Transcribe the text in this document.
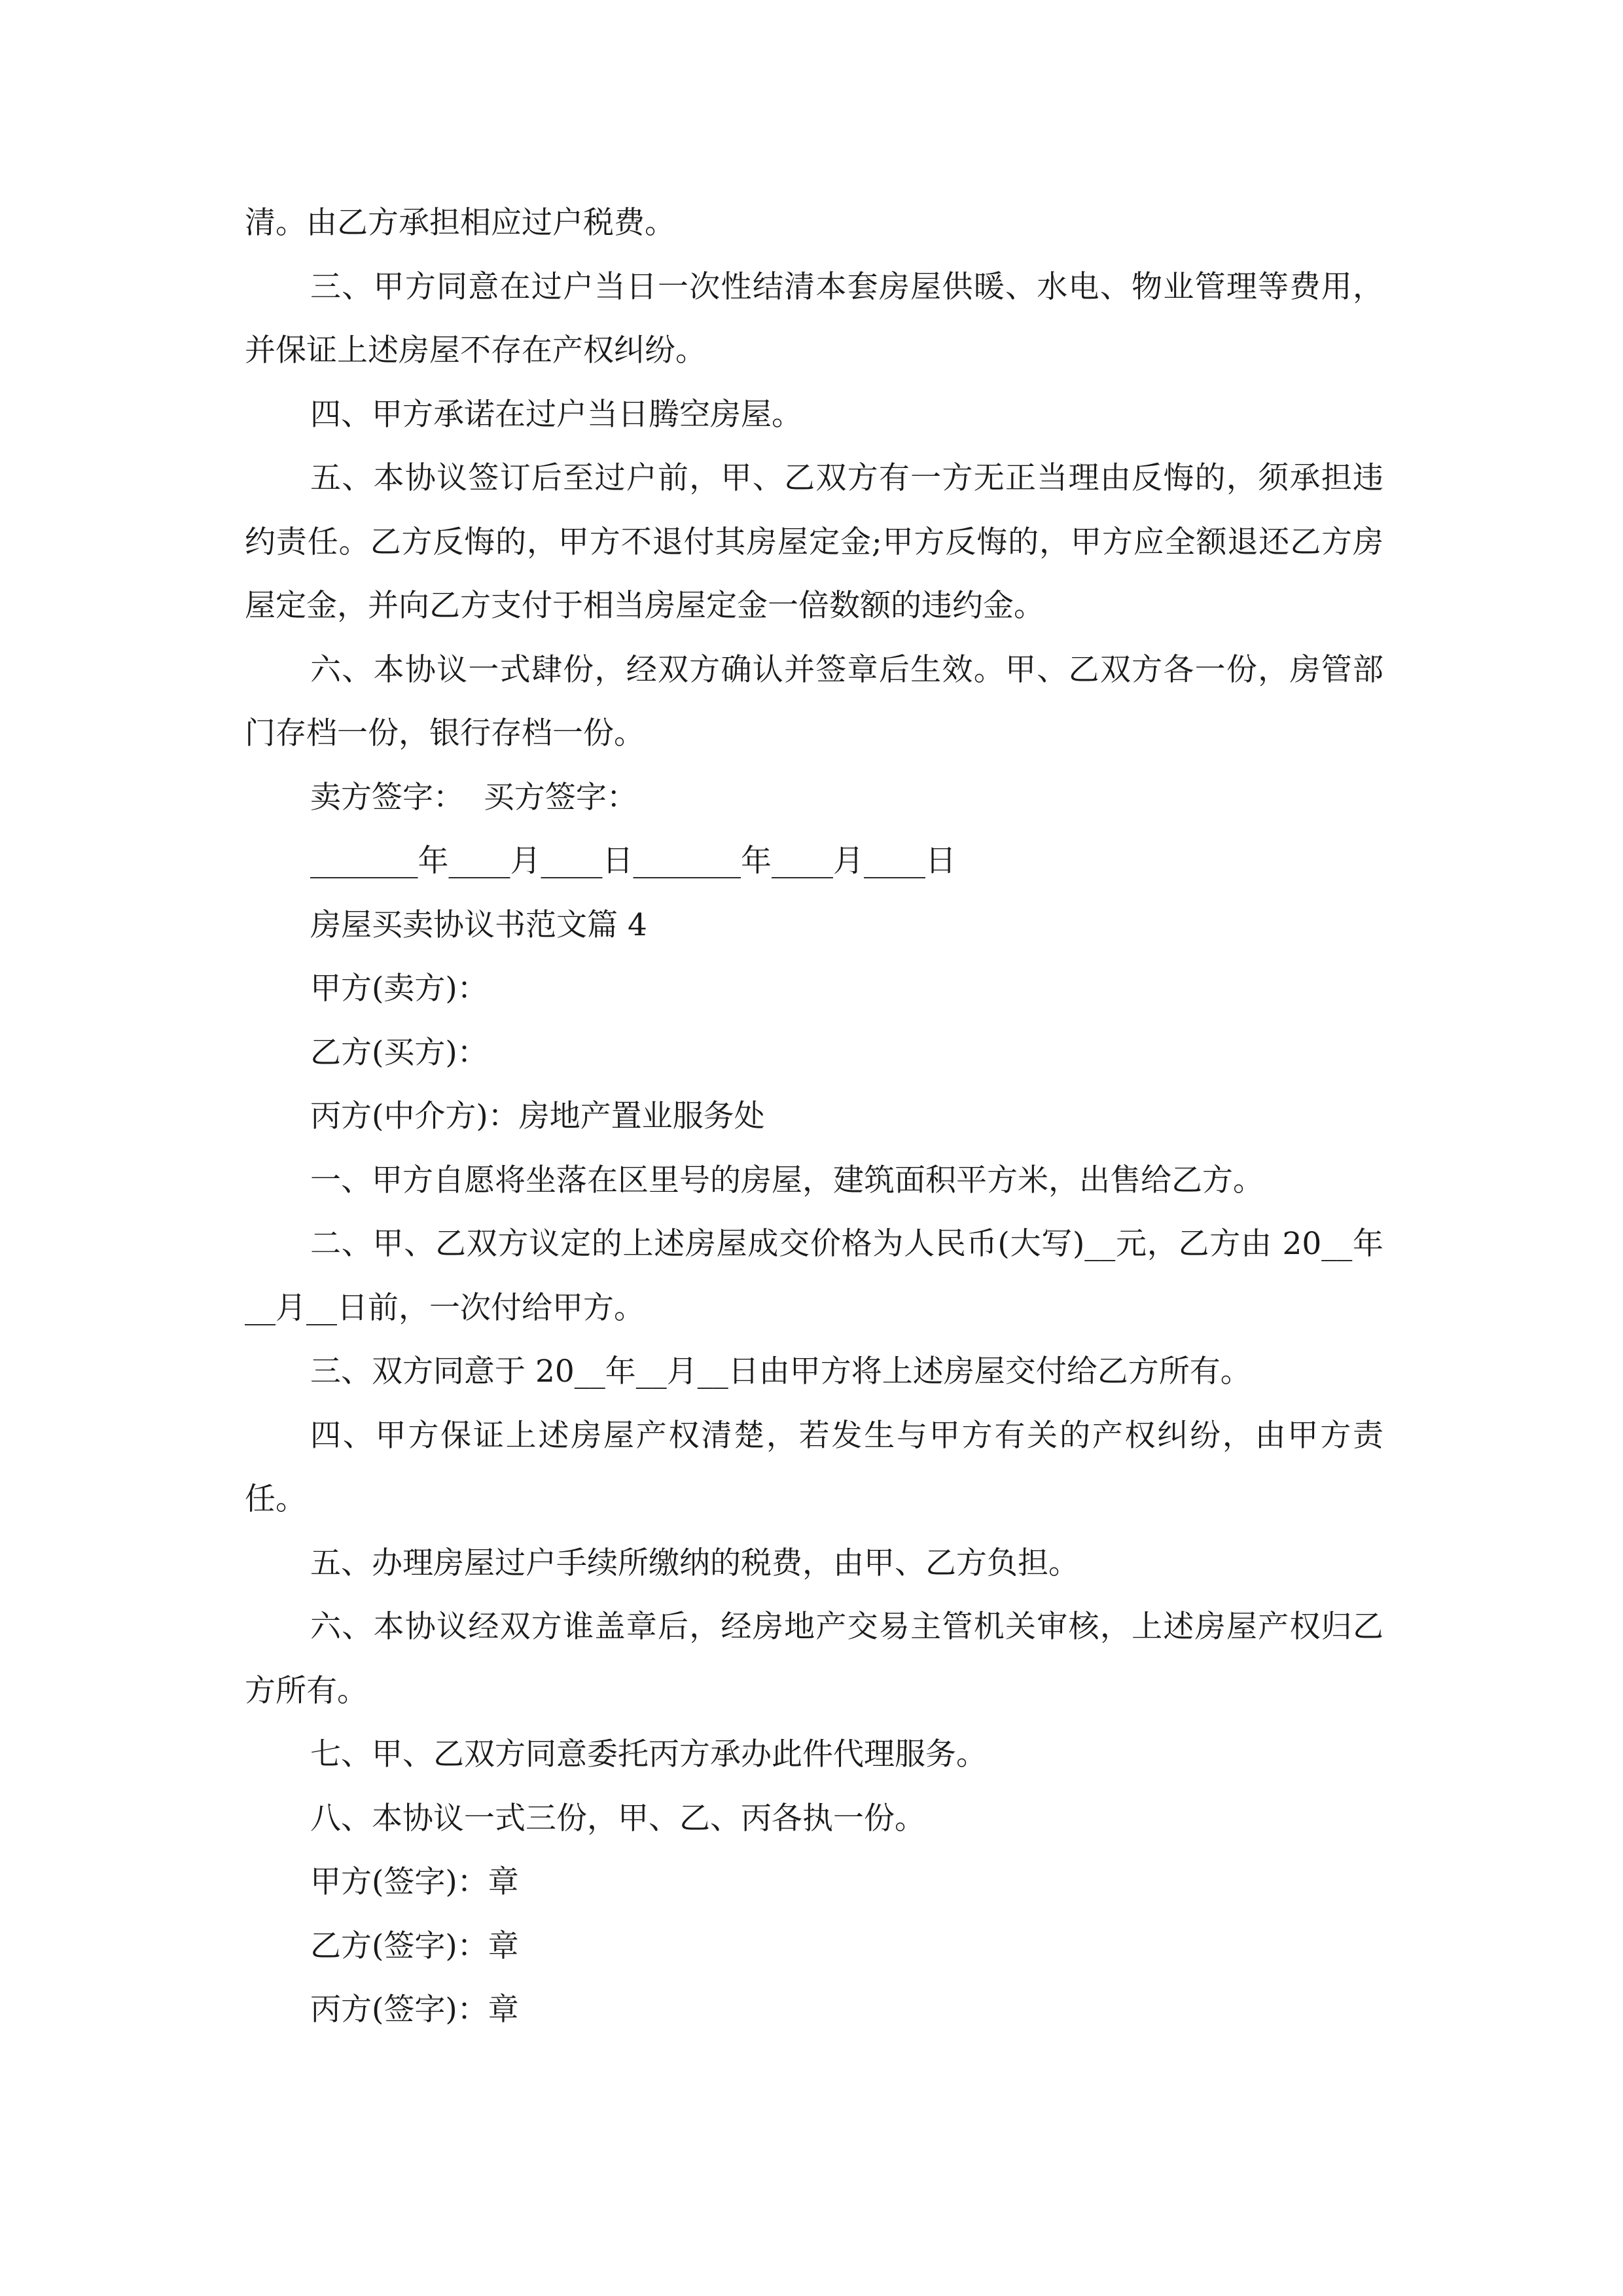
清。由乙方承担相应过户税费。

三、甲方同意在过户当日一次性结清本套房屋供暖、水电、物业管理等费用，并保证上述房屋不存在产权纠纷。

四、甲方承诺在过户当日腾空房屋。

五、本协议签订后至过户前，甲、乙双方有一方无正当理由反悔的，须承担违约责任。乙方反悔的，甲方不退付其房屋定金;甲方反悔的，甲方应全额退还乙方房屋定金，并向乙方支付于相当房屋定金一倍数额的违约金。

六、本协议一式肆份，经双方确认并签章后生效。甲、乙双方各一份，房管部门存档一份，银行存档一份。

卖方签字：  买方签字：

_______年____月____日_______年____月____日

房屋买卖协议书范文篇 4

甲方(卖方)：

乙方(买方)：

丙方(中介方)：房地产置业服务处

一、甲方自愿将坐落在区里号的房屋，建筑面积平方米，出售给乙方。

二、甲、乙双方议定的上述房屋成交价格为人民币(大写)__元，乙方由 20__年__月__日前，一次付给甲方。

三、双方同意于 20__年__月__日由甲方将上述房屋交付给乙方所有。

四、甲方保证上述房屋产权清楚，若发生与甲方有关的产权纠纷，由甲方责任。

五、办理房屋过户手续所缴纳的税费，由甲、乙方负担。

六、本协议经双方谁盖章后，经房地产交易主管机关审核，上述房屋产权归乙方所有。

七、甲、乙双方同意委托丙方承办此件代理服务。

八、本协议一式三份，甲、乙、丙各执一份。

甲方(签字)：章

乙方(签字)：章

丙方(签字)：章
